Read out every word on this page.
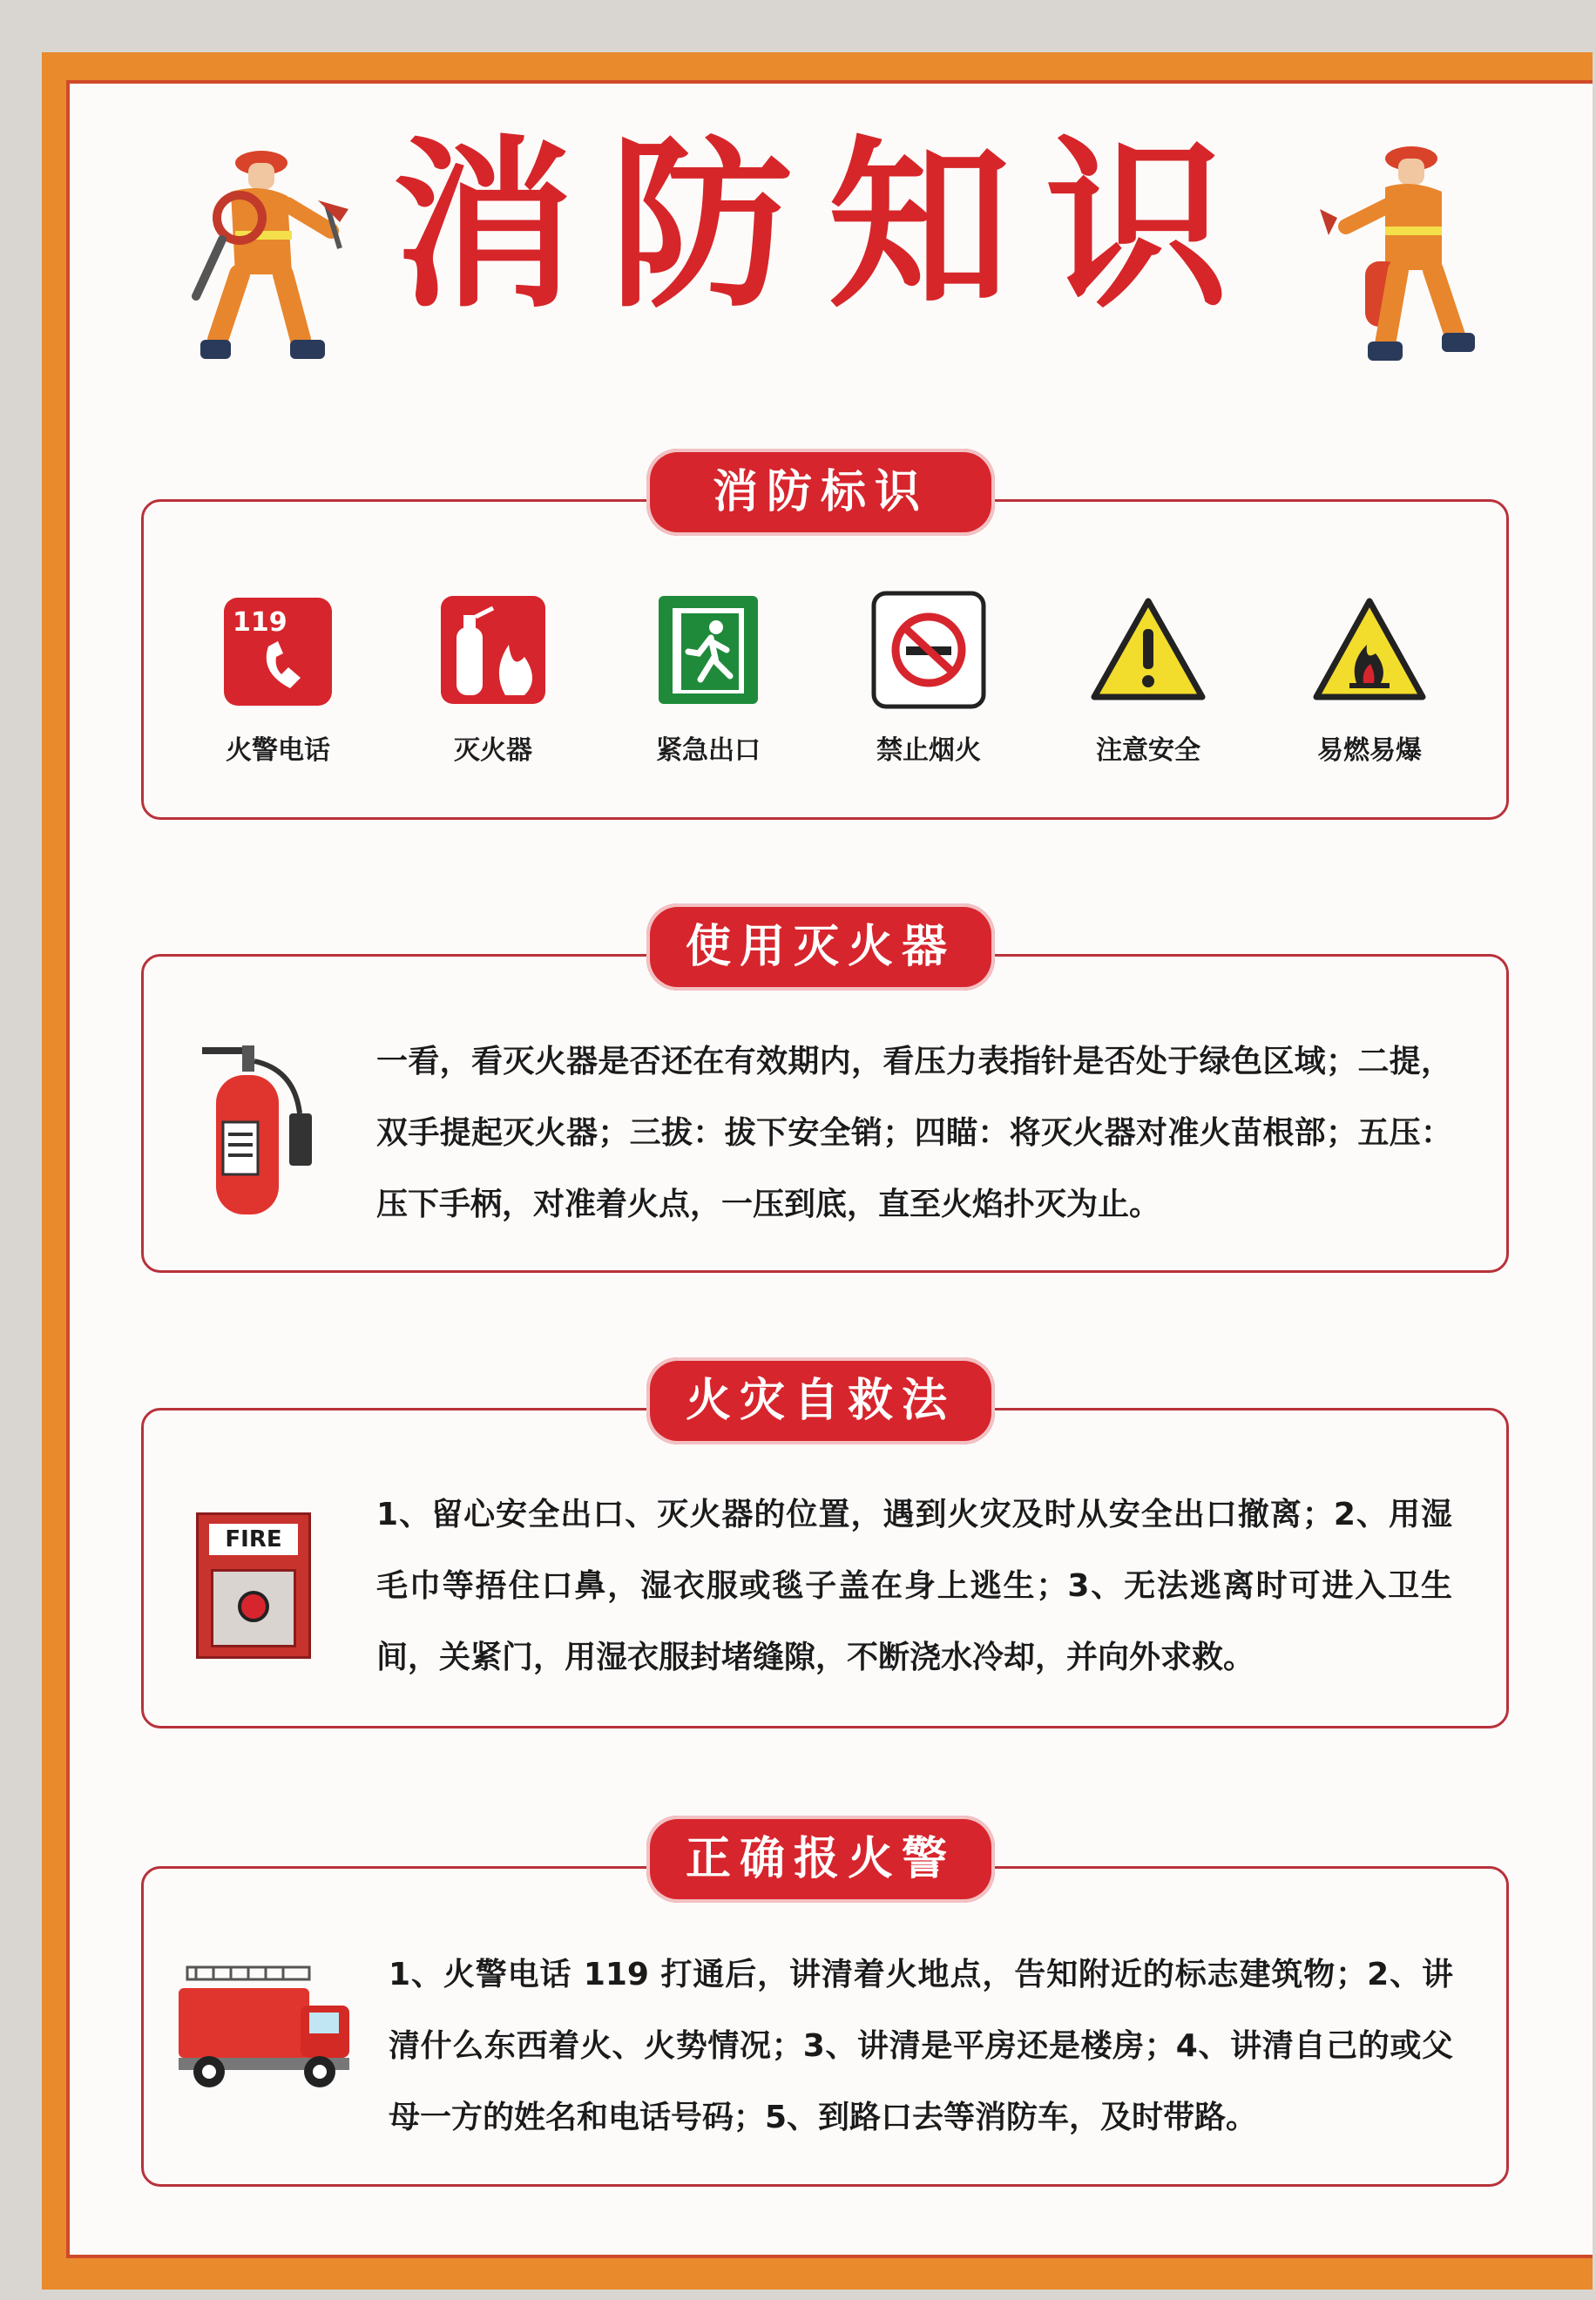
消防知识
消防标识
119
火警电话	灭火器	紧急出口	禁止烟火	注意安全	易燃易爆
使用灭火器
一看，看灭火器是否还在有效期内，看压力表指针是否处于绿色区域；二提，双手提起灭火器；三拔：拔下安全销；四瞄：将灭火器对准火苗根部；五压：压下手柄，对准着火点，一压到底，直至火焰扑灭为止。
火灾自救法
FIRE
1、留心安全出口、灭火器的位置，遇到火灾及时从安全出口撤离；2、用湿毛巾等捂住口鼻，湿衣服或毯子盖在身上逃生；3、无法逃离时可进入卫生间，关紧门，用湿衣服封堵缝隙，不断浇水冷却，并向外求救。
正确报火警
1、火警电话 119 打通后，讲清着火地点，告知附近的标志建筑物；2、讲清什么东西着火、火势情况；3、讲清是平房还是楼房；4、讲清自己的或父母一方的姓名和电话号码；5、到路口去等消防车，及时带路。
